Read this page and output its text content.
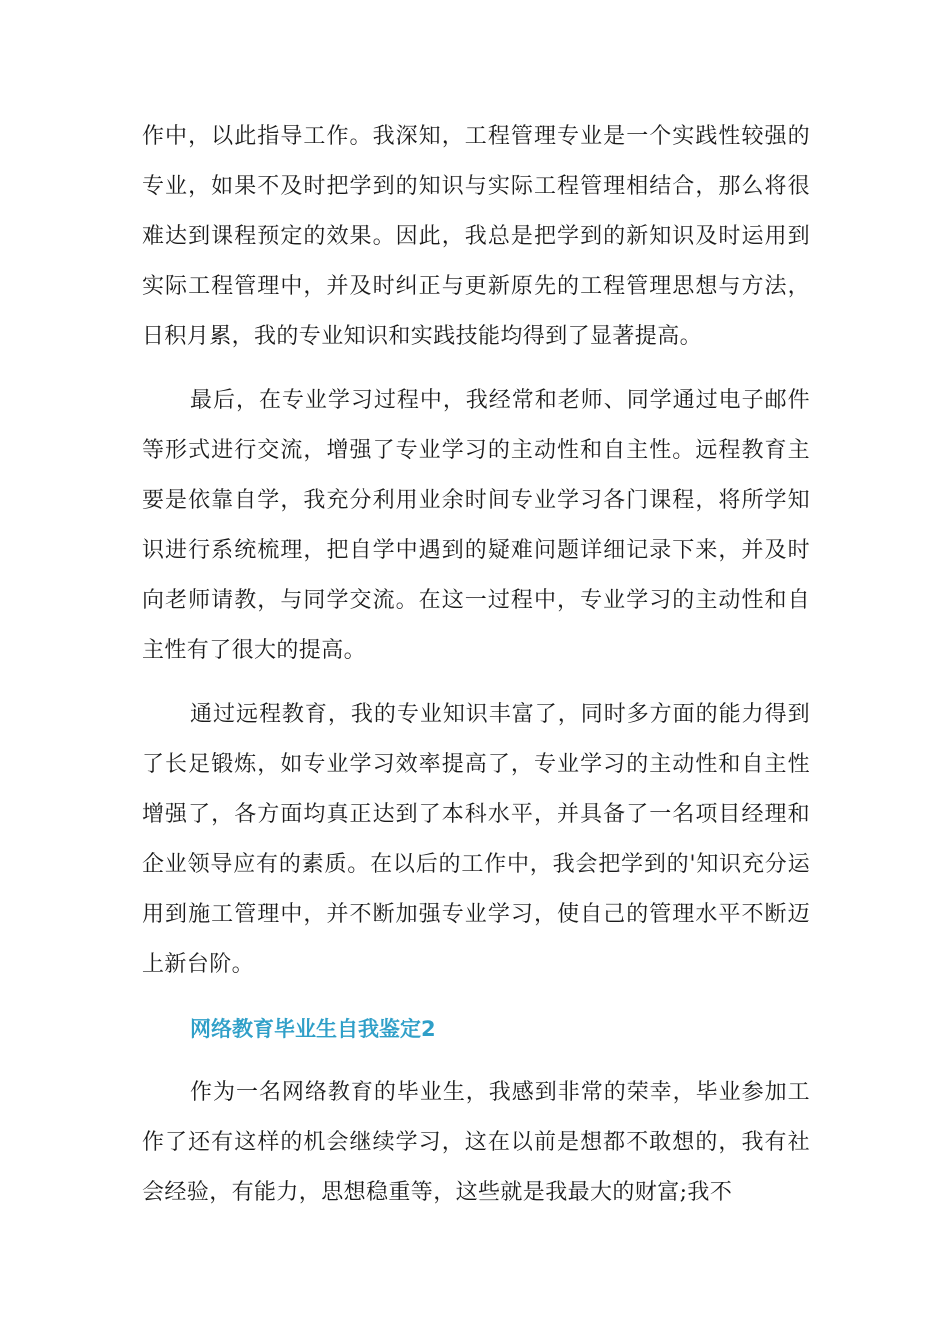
作中，以此指导工作。我深知，工程管理专业是一个实践性较强的专业，如果不及时把学到的知识与实际工程管理相结合，那么将很难达到课程预定的效果。因此，我总是把学到的新知识及时运用到实际工程管理中，并及时纠正与更新原先的工程管理思想与方法，日积月累，我的专业知识和实践技能均得到了显著提高。

最后，在专业学习过程中，我经常和老师、同学通过电子邮件等形式进行交流，增强了专业学习的主动性和自主性。远程教育主要是依靠自学，我充分利用业余时间专业学习各门课程，将所学知识进行系统梳理，把自学中遇到的疑难问题详细记录下来，并及时向老师请教，与同学交流。在这一过程中，专业学习的主动性和自主性有了很大的提高。

通过远程教育，我的专业知识丰富了，同时多方面的能力得到了长足锻炼，如专业学习效率提高了，专业学习的主动性和自主性增强了，各方面均真正达到了本科水平，并具备了一名项目经理和企业领导应有的素质。在以后的工作中，我会把学到的'知识充分运用到施工管理中，并不断加强专业学习，使自己的管理水平不断迈上新台阶。

网络教育毕业生自我鉴定2

作为一名网络教育的毕业生，我感到非常的荣幸，毕业参加工作了还有这样的机会继续学习，这在以前是想都不敢想的，我有社会经验，有能力，思想稳重等，这些就是我最大的财富;我不
